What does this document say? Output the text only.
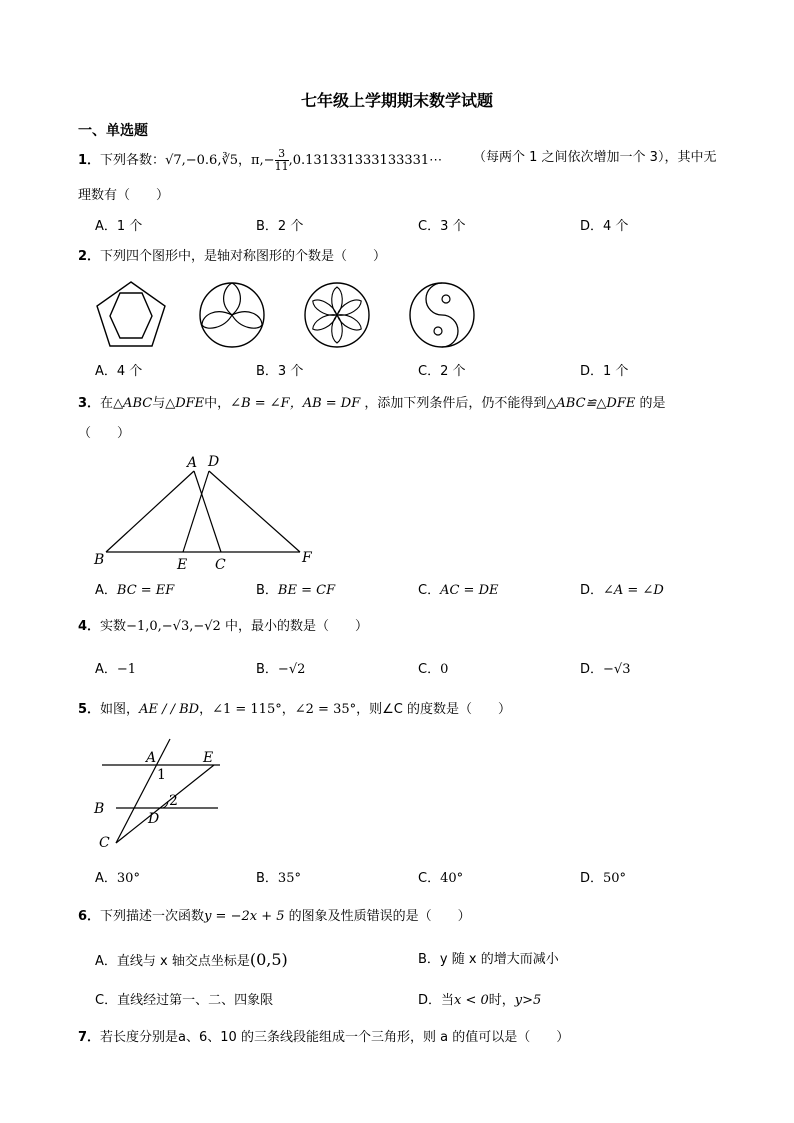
七年级上学期期末数学试题
一、单选题
1．下列各数：√7,−0.6,∛5，$\pi,- \frac{3}{11}$ ,0.131331333133331⋯ （每两个 1 之间依次增加一个 3），其中无
理数有（　　）
A．1 个	B．2 个	C．3 个	D．4 个
2．下列四个图形中，是轴对称图形的个数是（　　）
A．4 个	B．3 个	C．2 个	D．1 个
3．在△ABC与△DFE中，∠B = ∠F，AB = DF ，添加下列条件后，仍不能得到△ABC≌△DFE 的是
（　　）
A D
B	E C	F
A．BC = EF	B．BE = CF	C．AC = DE	D．∠A = ∠D
4．实数−1,0,−√3,−√2 中，最小的数是（　　）
A．−1	B．−√2	C．0	D．−√3
5．如图，AE / / BD，∠1 = 115°，∠2 = 35°，则∠C 的度数是（　　）
A	E
1
B	2
D
C
A．30°	B．35°	C．40°	D．50°
6．下列描述一次函数y = −2x + 5 的图象及性质错误的是（　　）
A．直线与 x 轴交点坐标是(0,5)	B．y 随 x 的增大而减小
C．直线经过第一、二、四象限	D．当x < 0时，y>5
7．若长度分别是a、6、10 的三条线段能组成一个三角形，则 a 的值可以是（　　）
